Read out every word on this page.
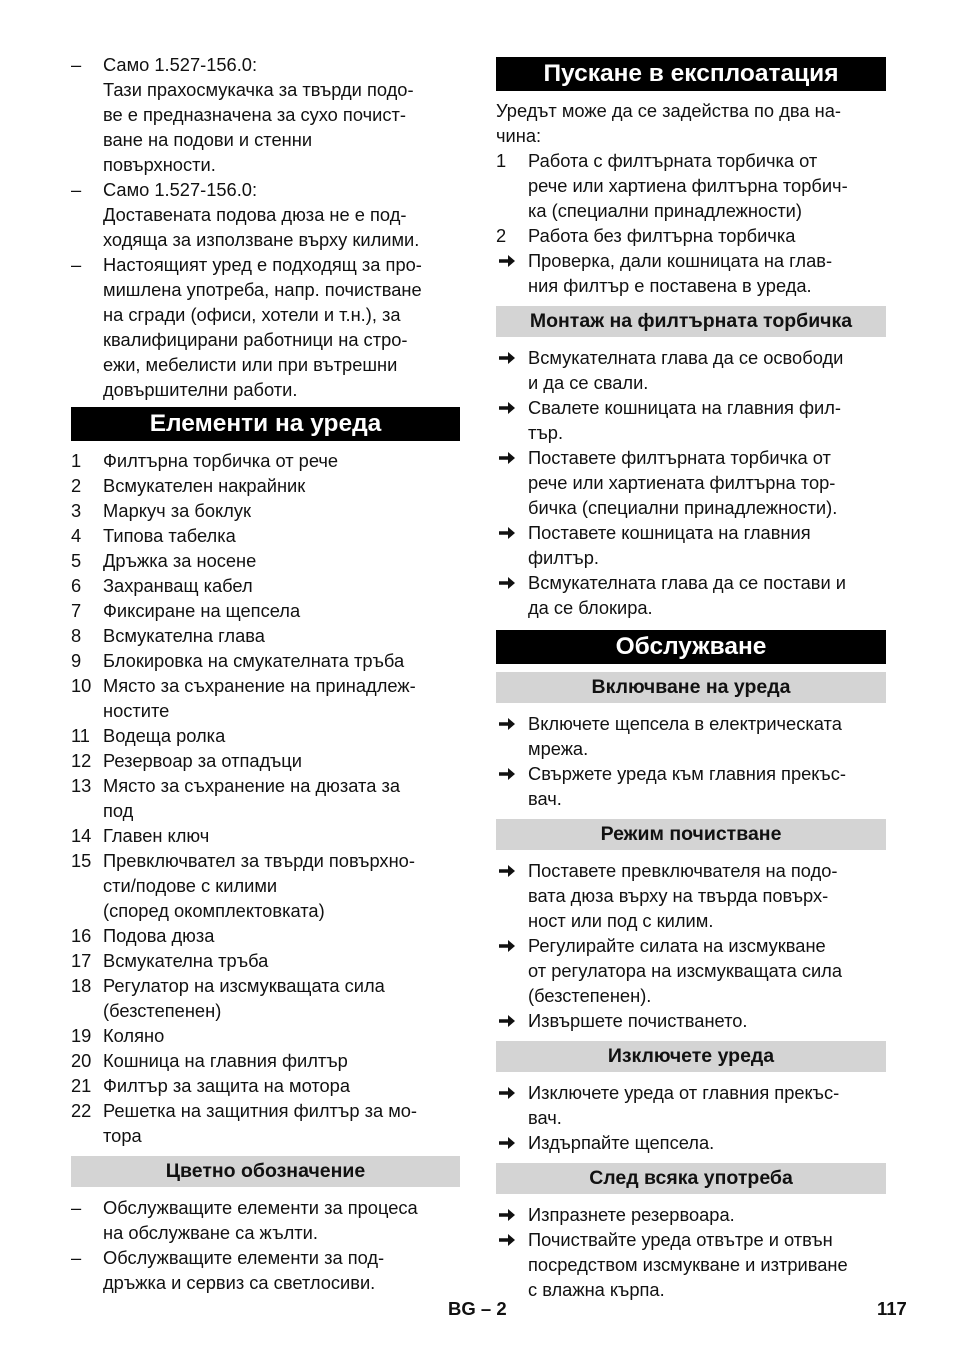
–	Само 1.527-156.0:
Тази прахосмукачка за твърди подо-
ве е предназначена за сухо почист-
ване на подови и стенни
повърхности.
–	Само 1.527-156.0:
Доставената подова дюза не е под-
ходяща за използване върху килими.
–	Настоящият уред е подходящ за про-
мишлена употреба, напр. почистване
на сгради (офиси, хотели и т.н.), за
квалифицирани работници на стро-
ежи, мебелисти или при вътрешни
довършителни работи.
Елементи на уреда
1	Филтърна торбичка от рече
2	Всмукателен накрайник
3	Маркуч за боклук
4	Типова табелка
5	Дръжка за носене
6	Захранващ кабел
7	Фиксиране на щепсела
8	Всмукателна глава
9	Блокировка на смукателната тръба
10 Място за съхранение на принадлеж-
ностите
11 Водеща ролка
12 Резервоар за отпадъци
13 Място за съхранение на дюзата за
под
14 Главен ключ
15 Превключвател за твърди повърхно-
сти/подове с килими
(според окомплектовката)
16 Подова дюза
17 Всмукателна тръба
18 Регулатор на изсмукващата сила
(безстепенен)
19 Коляно
20 Кошница на главния филтър
21 Филтър за защита на мотора
22 Решетка на защитния филтър за мо-
тора
Цветно обозначение
–	Обслужващите елементи за процеса
на обслужване са жълти.
–	Обслужващите елементи за под-
дръжка и сервиз са светлосиви.
Пускане в експлоатация
Уредът може да се задейства по два на-
чина:
1	Работа с филтърната торбичка от
рече или хартиена филтърна торбич-
ка (специални принадлежности)
2	Работа без филтърна торбичка
Проверка, дали кошницата на глав-
ния филтър е поставена в уреда.
Монтаж на филтърната торбичка
Всмукателната глава да се освободи
и да се свали.
Свалете кошницата на главния фил-
тър.
Поставете филтърната торбичка от
рече или хартиената филтърна тор-
бичка (специални принадлежности).
Поставете кошницата на главния
филтър.
Всмукателната глава да се постави и
да се блокира.
Обслужване
Включване на уреда
Включете щепсела в електрическата
мрежа.
Свържете уреда към главния прекъс-
вач.
Режим почистване
Поставете превключвателя на подо-
вата дюза върху на твърда повърх-
ност или под с килим.
Регулирайте силата на изсмукване
от регулатора на изсмукващата сила
(безстепенен).
Извършете почистването.
Изключете уреда
Изключете уреда от главния прекъс-
вач.
Издърпайте щепсела.
След всяка употреба
Изпразнете резервоара.
Почиствайте уреда отвътре и отвън
посредством изсмукване и изтриване
с влажна кърпа.
BG – 2	117
